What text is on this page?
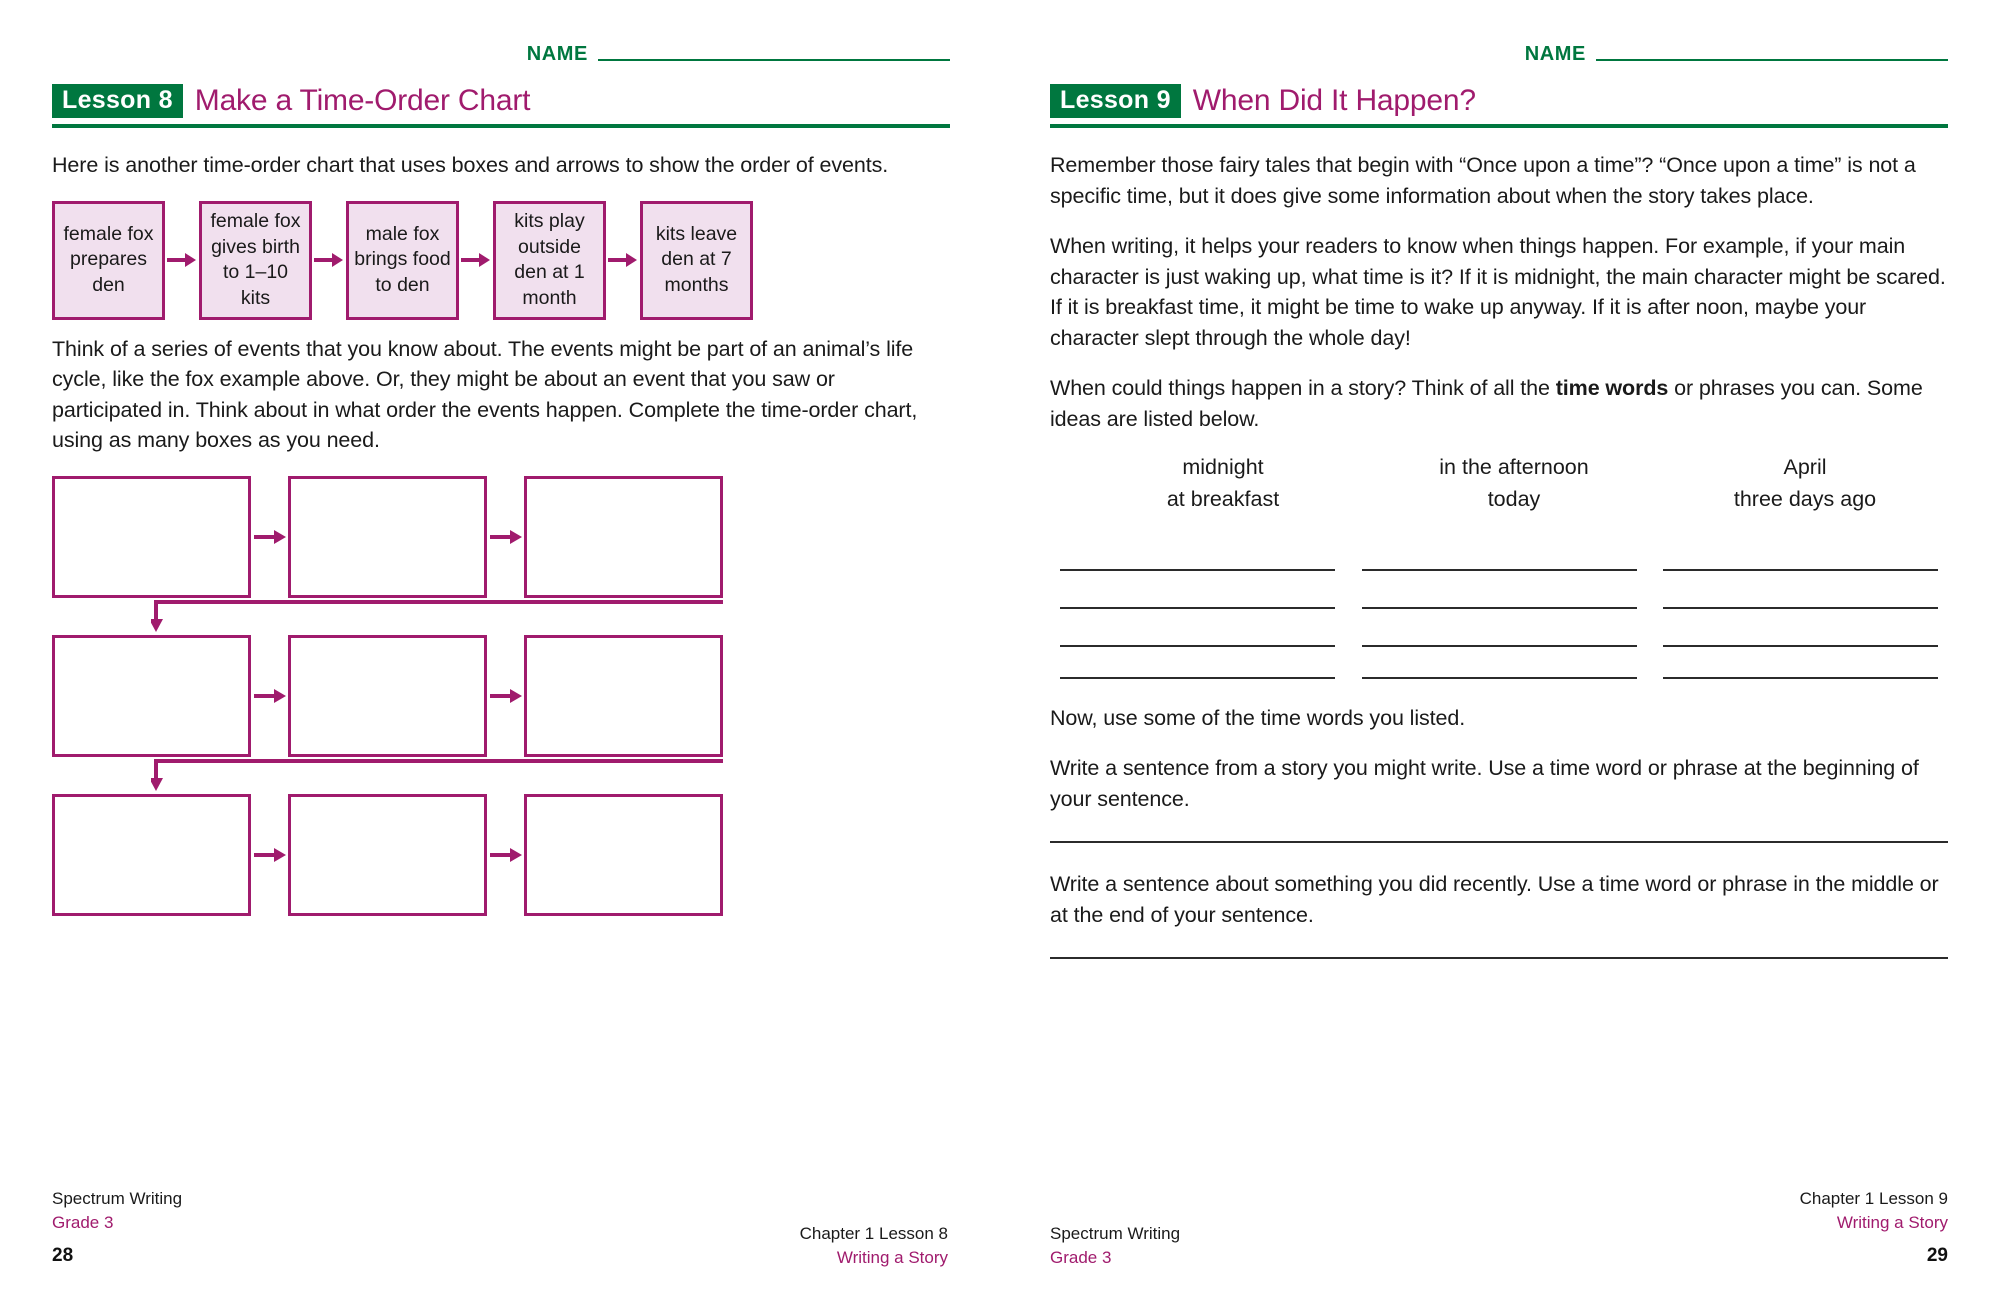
NAME
Lesson 8 Make a Time-Order Chart

Here is another time-order chart that uses boxes and arrows to show the order of events.

female fox prepares den
female fox gives birth to 1–10 kits
male fox brings food to den
kits play outside den at 1 month
kits leave den at 7 months

Think of a series of events that you know about. The events might be part of an animal’s life cycle, like the fox example above. Or, they might be about an event that you saw or participated in. Think about in what order the events happen. Complete the time-order chart, using as many boxes as you need.

Spectrum Writing
Grade 3
28
Chapter 1 Lesson 8
Writing a Story
NAME
Lesson 9 When Did It Happen?

Remember those fairy tales that begin with “Once upon a time”? “Once upon a time” is not a specific time, but it does give some information about when the story takes place.

When writing, it helps your readers to know when things happen. For example, if your main character is just waking up, what time is it? If it is midnight, the main character might be scared. If it is breakfast time, it might be time to wake up anyway. If it is after noon, maybe your character slept through the whole day!

When could things happen in a story? Think of all the time words or phrases you can. Some ideas are listed below.

midnight
at breakfast
in the afternoon
today
April
three days ago

Now, use some of the time words you listed.

Write a sentence from a story you might write. Use a time word or phrase at the beginning of your sentence.

Write a sentence about something you did recently. Use a time word or phrase in the middle or at the end of your sentence.

Spectrum Writing
Grade 3
Chapter 1 Lesson 9
Writing a Story
29
